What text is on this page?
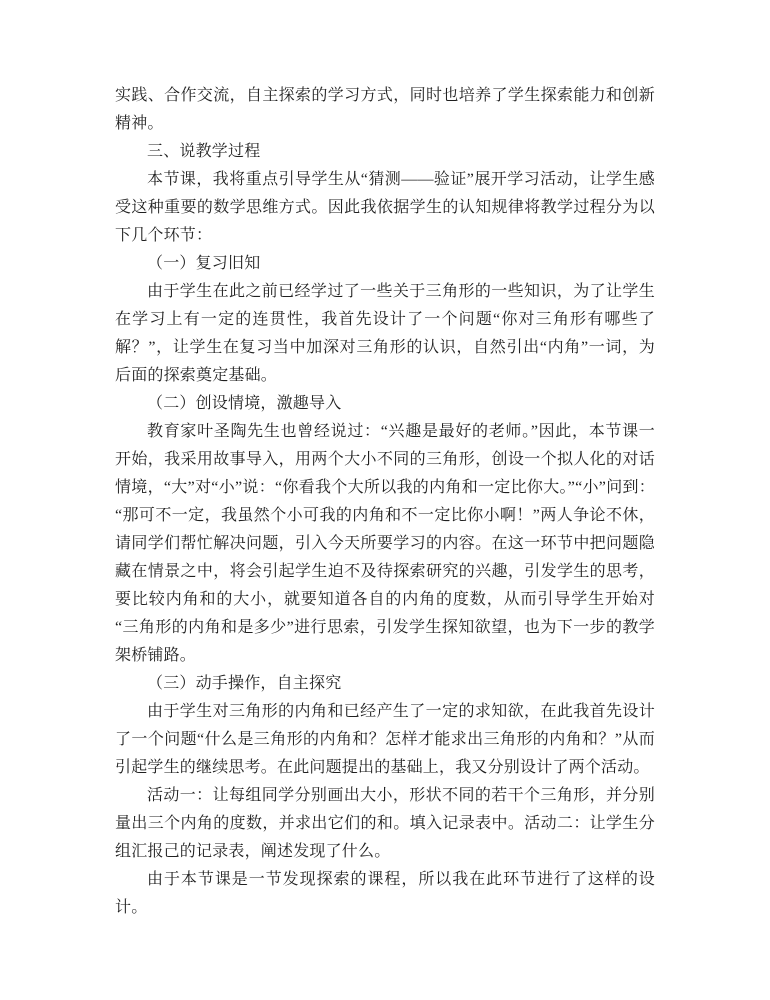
实践、合作交流，自主探索的学习方式，同时也培养了学生探索能力和创新精神。

三、说教学过程

本节课，我将重点引导学生从“猜测——验证”展开学习活动，让学生感受这种重要的数学思维方式。因此我依据学生的认知规律将教学过程分为以下几个环节：

（一）复习旧知

由于学生在此之前已经学过了一些关于三角形的一些知识，为了让学生在学习上有一定的连贯性，我首先设计了一个问题“你对三角形有哪些了解？”，让学生在复习当中加深对三角形的认识，自然引出“内角”一词，为后面的探索奠定基础。

（二）创设情境，激趣导入

教育家叶圣陶先生也曾经说过：“兴趣是最好的老师。”因此，本节课一开始，我采用故事导入，用两个大小不同的三角形，创设一个拟人化的对话情境，“大”对“小”说：“你看我个大所以我的内角和一定比你大。”“小”问到：“那可不一定，我虽然个小可我的内角和不一定比你小啊！”两人争论不休，请同学们帮忙解决问题，引入今天所要学习的内容。在这一环节中把问题隐藏在情景之中，将会引起学生迫不及待探索研究的兴趣，引发学生的思考，要比较内角和的大小，就要知道各自的内角的度数，从而引导学生开始对“三角形的内角和是多少”进行思索，引发学生探知欲望，也为下一步的教学架桥铺路。

（三）动手操作，自主探究

由于学生对三角形的内角和已经产生了一定的求知欲，在此我首先设计了一个问题“什么是三角形的内角和？怎样才能求出三角形的内角和？”从而引起学生的继续思考。在此问题提出的基础上，我又分别设计了两个活动。

活动一：让每组同学分别画出大小，形状不同的若干个三角形，并分别量出三个内角的度数，并求出它们的和。填入记录表中。活动二：让学生分组汇报己的记录表，阐述发现了什么。

由于本节课是一节发现探索的课程，所以我在此环节进行了这样的设计。
